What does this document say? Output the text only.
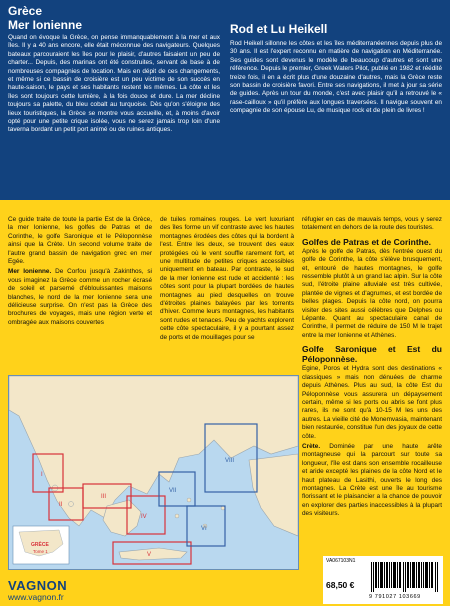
Grèce
Mer Ionienne	Rod et Lu Heikell

Quand on évoque la Grèce, on pense immanquablement à la mer et aux îles. Il y a 40 ans encore, elle était méconnue des navigateurs. Quelques bateaux parcouraient les îles pour le plaisir, d'autres faisaient un peu de charter... Depuis, des marinas ont été construites, servant de base à de nombreuses compagnies de location. Mais en dépit de ces changements, et même si ce bassin de croisière est un peu victime de son succès en haute-saison, le pays et ses habitants restent les mêmes. La côte et les îles sont toujours cette lumière, à la fois douce et dure. La mer décline toujours sa palette, du bleu cobalt au turquoise. Dès qu'on s'éloigne des lieux touristiques, la Grèce se montre vous accueille, et, à moins d'avoir opté pour une petite crique isolée, vous ne serez jamais trop loin d'une taverna bordant un petit port animé ou de ruines antiques.

Rod Heikell sillonne les côtes et les îles méditerranéennes depuis plus de 30 ans. Il est l'expert reconnu en matière de navigation en Méditerranée. Ses guides sont devenus le modèle de beaucoup d'autres et sont une référence. Depuis le premier, Greek Waters Pilot, publié en 1982 et réédité treize fois, il en a écrit plus d'une douzaine d'autres, mais la Grèce reste son bassin de croisière favori. Entre ses navigations, il met à jour sa série de guides. Après un tour du monde, c'est avec plaisir qu'il a retrouvé le « rase-cailloux » qu'il préfère aux longues traversées. Il navigue souvent en compagnie de son épouse Lu, de musique rock et de plein de livres !

Ce guide traite de toute la partie Est de la Grèce, la mer Ionienne, les golfes de Patras et de Corinthe, le golfe Saronique et le Péloponnèse ainsi que la Crète. Un second volume traite de l'autre grand bassin de navigation grec en mer Egée.

Mer Ionienne. De Corfou jusqu'à Zakinthos, si vous imaginez la Grèce comme un rocher écrasé de soleil et parsemé d'éblouissantes maisons blanches, le nord de la mer Ionienne sera une délicieuse surprise. On n'est pas la Grèce des brochures de voyages, mais une région verte et ombragée aux maisons couvertes

de tuiles romaines rouges. Le vert luxuriant des îles forme un vif contraste avec les hautes montagnes érodées des côtes qui la bordent à l'est. Entre les deux, se trouvent des eaux protégées où le vent souffle rarement fort, et une multitude de petites criques accessibles uniquement en bateau. Par contraste, le sud de la mer Ionienne est rude et accidenté : les côtes sont pour la plupart bordées de hautes montagnes au pied desquelles on trouve d'étroites plaines balayées par les torrents d'hiver. Comme leurs montagnes, les habitants sont rudes et tenaces. Peu de yachts explorent cette côte spectaculaire, il y a pourtant assez de ports et de mouillages pour se

réfugier en cas de mauvais temps, vous y serez totalement en dehors de la route des touristes.

Golfes de Patras et de Corinthe.

Après le golfe de Patras, dès l'entrée ouest du golfe de Corinthe, la côte s'élève brusquement, et, entouré de hautes montagnes, le golfe ressemble plutôt à un grand lac alpin. Sur la côte sud, l'étroite plaine alluviale est très cultivée, plantée de vignes et d'agrumes, et est bordée de belles plages. Depuis la côte nord, on pourra visiter des sites aussi célèbres que Delphes ou Lépante. Quant au spectaculaire canal de Corinthe, il permet de réduire de 150 M le trajet entre la mer Ionienne et Athènes.

Golfe Saronique et Est du Péloponnèse.

Egine, Poros et Hydra sont des destinations « classiques » mais non dénuées de charme depuis Athènes. Plus au sud, la côte Est du Péloponnèse vous assurera un dépaysement certain, même si les ports ou abris se font plus rares, ils ne sont qu'à 10-15 M les uns des autres. La vieille cité de Monemvasia, maintenant bien restaurée, constitue l'un des joyaux de cette côte.

Crète. Dominée par une haute arête montagneuse qui la parcourt sur toute sa longueur, l'île est dans son ensemble rocailleuse et aride excepté les plaines de la côte Nord et le haut plateau de Lasithi, ouverts le long des montagnes. La Crète est une île au tourisme florissant et le plaisancier a la chance de pouvoir en explorer des parties inaccessibles à la plupart des visiteurs.

I
II
III
IV
V
VI
VII
VIII
GRÈCE
Tome 1
VAGNON
www.vagnon.fr
VA067103N1
68,50 €
9 791027 103669
